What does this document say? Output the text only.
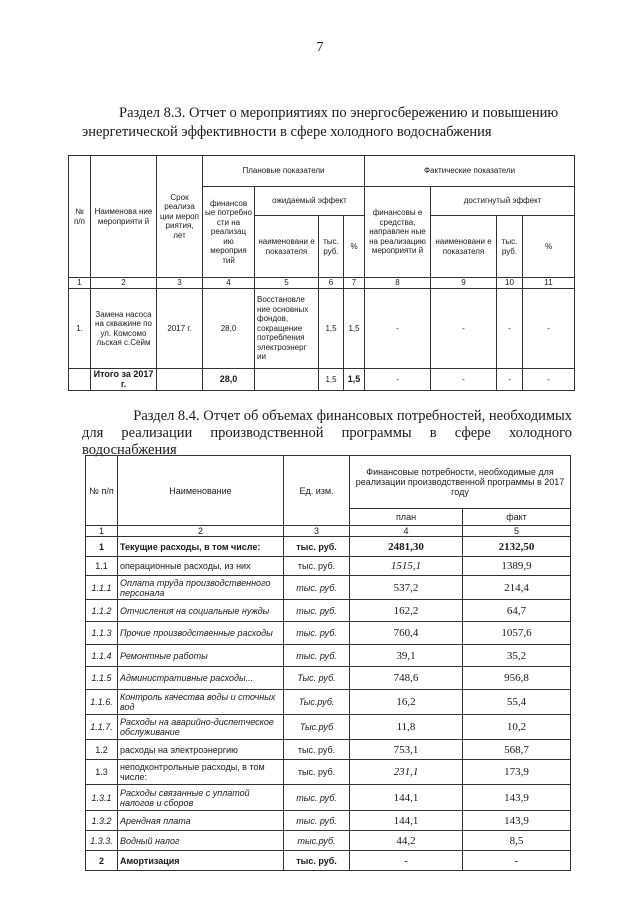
7
Раздел 8.3. Отчет о мероприятиях по энергосбережению и повышению
энергетической эффективности в сфере холодного водоснабжения
№ п/п	Наименова ние мероприяти й	Срок реализа ции мероп риятия, лет	Плановые показатели				Фактические показатели			
			финансов ые потребно сти на реализац ию мероприя тий	ожидаемый эффект			финансовы е средства, направлен ные на реализацию мероприяти й	достигнутый эффект		
				наименовани е показателя	тыс. руб.	%		наименовани е показателя	тыс. руб.	%
1	2	3	4	5	6	7	8	9	10	11
1.	Замена насоса на скважине по ул. Комсомо льская с.Сейм	2017 г.	28,0	Восстановле ние основных фондов, сокращение потребления электроэнерг ии	1,5	1,5	-	-	-	-
	Итого за 2017 г.		28,0		1,5	1,5	-	-	-	-
Раздел 8.4. Отчет об объемах финансовых потребностей, необходимых
для реализации производственной программы в сфере холодного
водоснабжения
№ п/п	Наименование	Ед. изм.	Финансовые потребности, необходимые для реализации производственной программы в 2017 году	
			план	факт
1	2	3	4	5
1	Текущие расходы, в том числе:	тыс. руб.	2481,30	2132,50
1.1	операционные расходы, из них	тыс. руб.	1515,1	1389,9
1.1.1	Оплата труда производственного персонала	тыс. руб.	537,2	214,4
1.1.2	Отчисления на социальные нужды	тыс. руб.	162,2	64,7
1.1.3	Прочие производственные расходы	тыс. руб.	760,4	1057,6
1.1.4	Ремонтные работы	тыс. руб.	39,1	35,2
1.1.5	Административные расходы...	Тыс. руб.	748,6	956,8
1.1.6.	Контроль качества воды и сточных вод	Тыс.руб.	16,2	55,4
1.1.7.	Расходы на аварийно-диспетческое обслуживание	Тыс.руб	11,8	10,2
1.2	расходы на электроэнергию	тыс. руб.	753,1	568,7
1.3	неподконтрольные расходы, в том числе:	тыс. руб.	231,1	173,9
1.3.1	Расходы связанные с уплатой налогов и сборов	тыс. руб.	144,1	143,9
1.3.2	Арендная плата	тыс. руб.	144,1	143,9
1.3.3.	Водный налог	тыс.руб.	44,2	8,5
2	Амортизация	тыс. руб.	-	-
